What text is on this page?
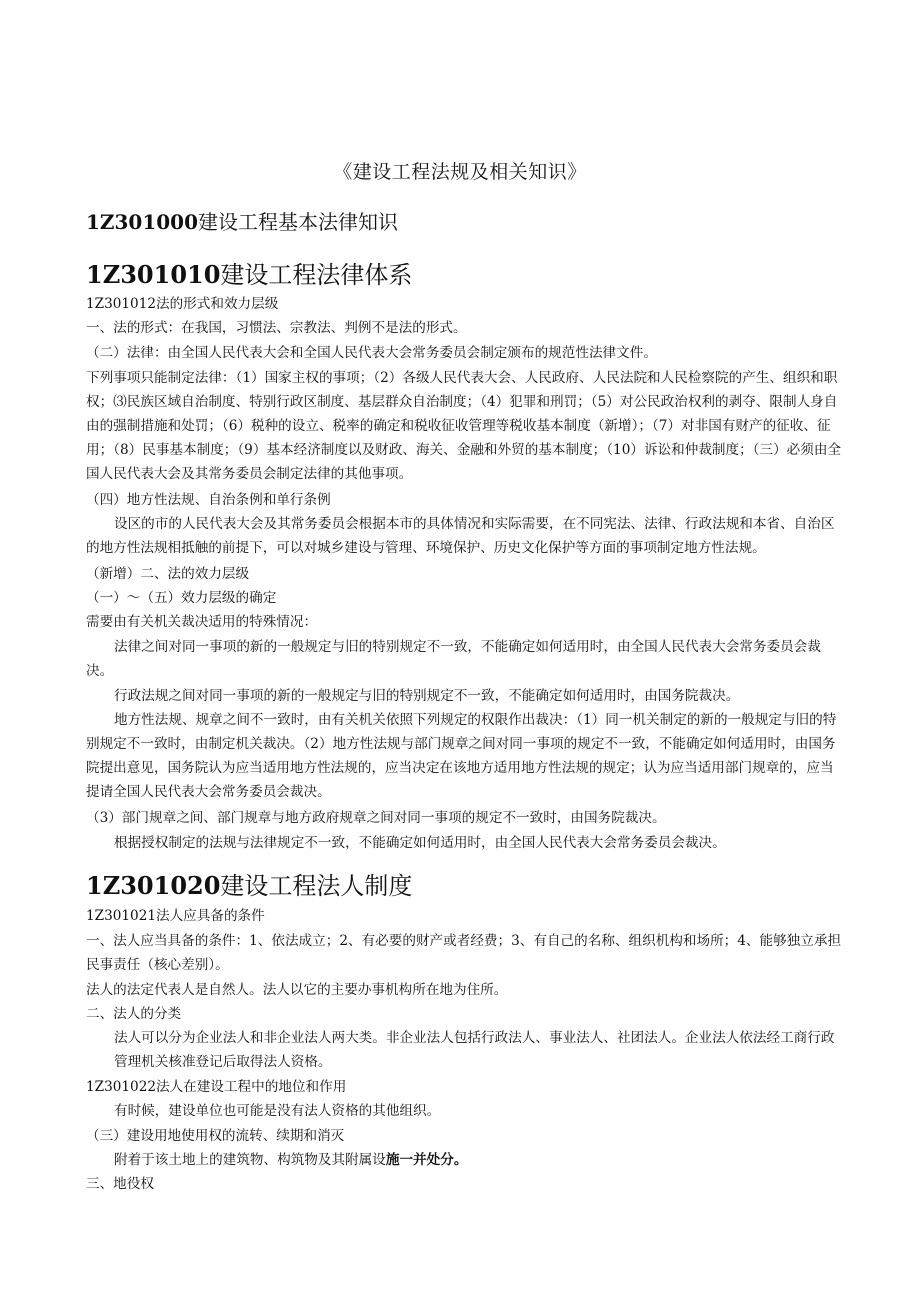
《建设工程法规及相关知识》
1Z301000建设工程基本法律知识
1Z301010建设工程法律体系

1Z301012法的形式和效力层级

一、法的形式：在我国，习惯法、宗教法、判例不是法的形式。

（二）法律：由全国人民代表大会和全国人民代表大会常务委员会制定颁布的规范性法律文件。

下列事项只能制定法律：（1）国家主权的事项；（2）各级人民代表大会、人民政府、人民法院和人民检察院的产生、组织和职权；⑶民族区域自治制度、特别行政区制度、基层群众自治制度；（4）犯罪和刑罚；（5）对公民政治权利的剥夺、限制人身自由的强制措施和处罚；（6）税种的设立、税率的确定和税收征收管理等税收基本制度（新增）；（7）对非国有财产的征收、征用；（8）民事基本制度；（9）基本经济制度以及财政、海关、金融和外贸的基本制度；（10）诉讼和仲裁制度；（三）必须由全国人民代表大会及其常务委员会制定法律的其他事项。

（四）地方性法规、自治条例和单行条例

设区的市的人民代表大会及其常务委员会根据本市的具体情况和实际需要，在不同宪法、法律、行政法规和本省、自治区的地方性法规相抵触的前提下，可以对城乡建设与管理、环境保护、历史文化保护等方面的事项制定地方性法规。

（新增）二、法的效力层级

（一）～（五）效力层级的确定

需要由有关机关裁决适用的特殊情况：

法律之间对同一事项的新的一般规定与旧的特别规定不一致，不能确定如何适用时，由全国人民代表大会常务委员会裁决。

行政法规之间对同一事项的新的一般规定与旧的特别规定不一致，不能确定如何适用时，由国务院裁决。

地方性法规、规章之间不一致时，由有关机关依照下列规定的权限作出裁决：（1）同一机关制定的新的一般规定与旧的特别规定不一致时，由制定机关裁决。（2）地方性法规与部门规章之间对同一事项的规定不一致，不能确定如何适用时，由国务院提出意见，国务院认为应当适用地方性法规的，应当决定在该地方适用地方性法规的规定；认为应当适用部门规章的，应当提请全国人民代表大会常务委员会裁决。

（3）部门规章之间、部门规章与地方政府规章之间对同一事项的规定不一致时，由国务院裁决。

根据授权制定的法规与法律规定不一致，不能确定如何适用时，由全国人民代表大会常务委员会裁决。

1Z301020建设工程法人制度

1Z301021法人应具备的条件

一、法人应当具备的条件：1、依法成立；2、有必要的财产或者经费；3、有自己的名称、组织机构和场所；4、能够独立承担民事责任（核心差别）。

法人的法定代表人是自然人。法人以它的主要办事机构所在地为住所。

二、法人的分类

法人可以分为企业法人和非企业法人两大类。非企业法人包括行政法人、事业法人、社团法人。企业法人依法经工商行政管理机关核准登记后取得法人资格。

1Z301022法人在建设工程中的地位和作用

有时候，建设单位也可能是没有法人资格的其他组织。

（三）建设用地使用权的流转、续期和消灭

附着于该土地上的建筑物、构筑物及其附属设施一并处分。

三、地役权
